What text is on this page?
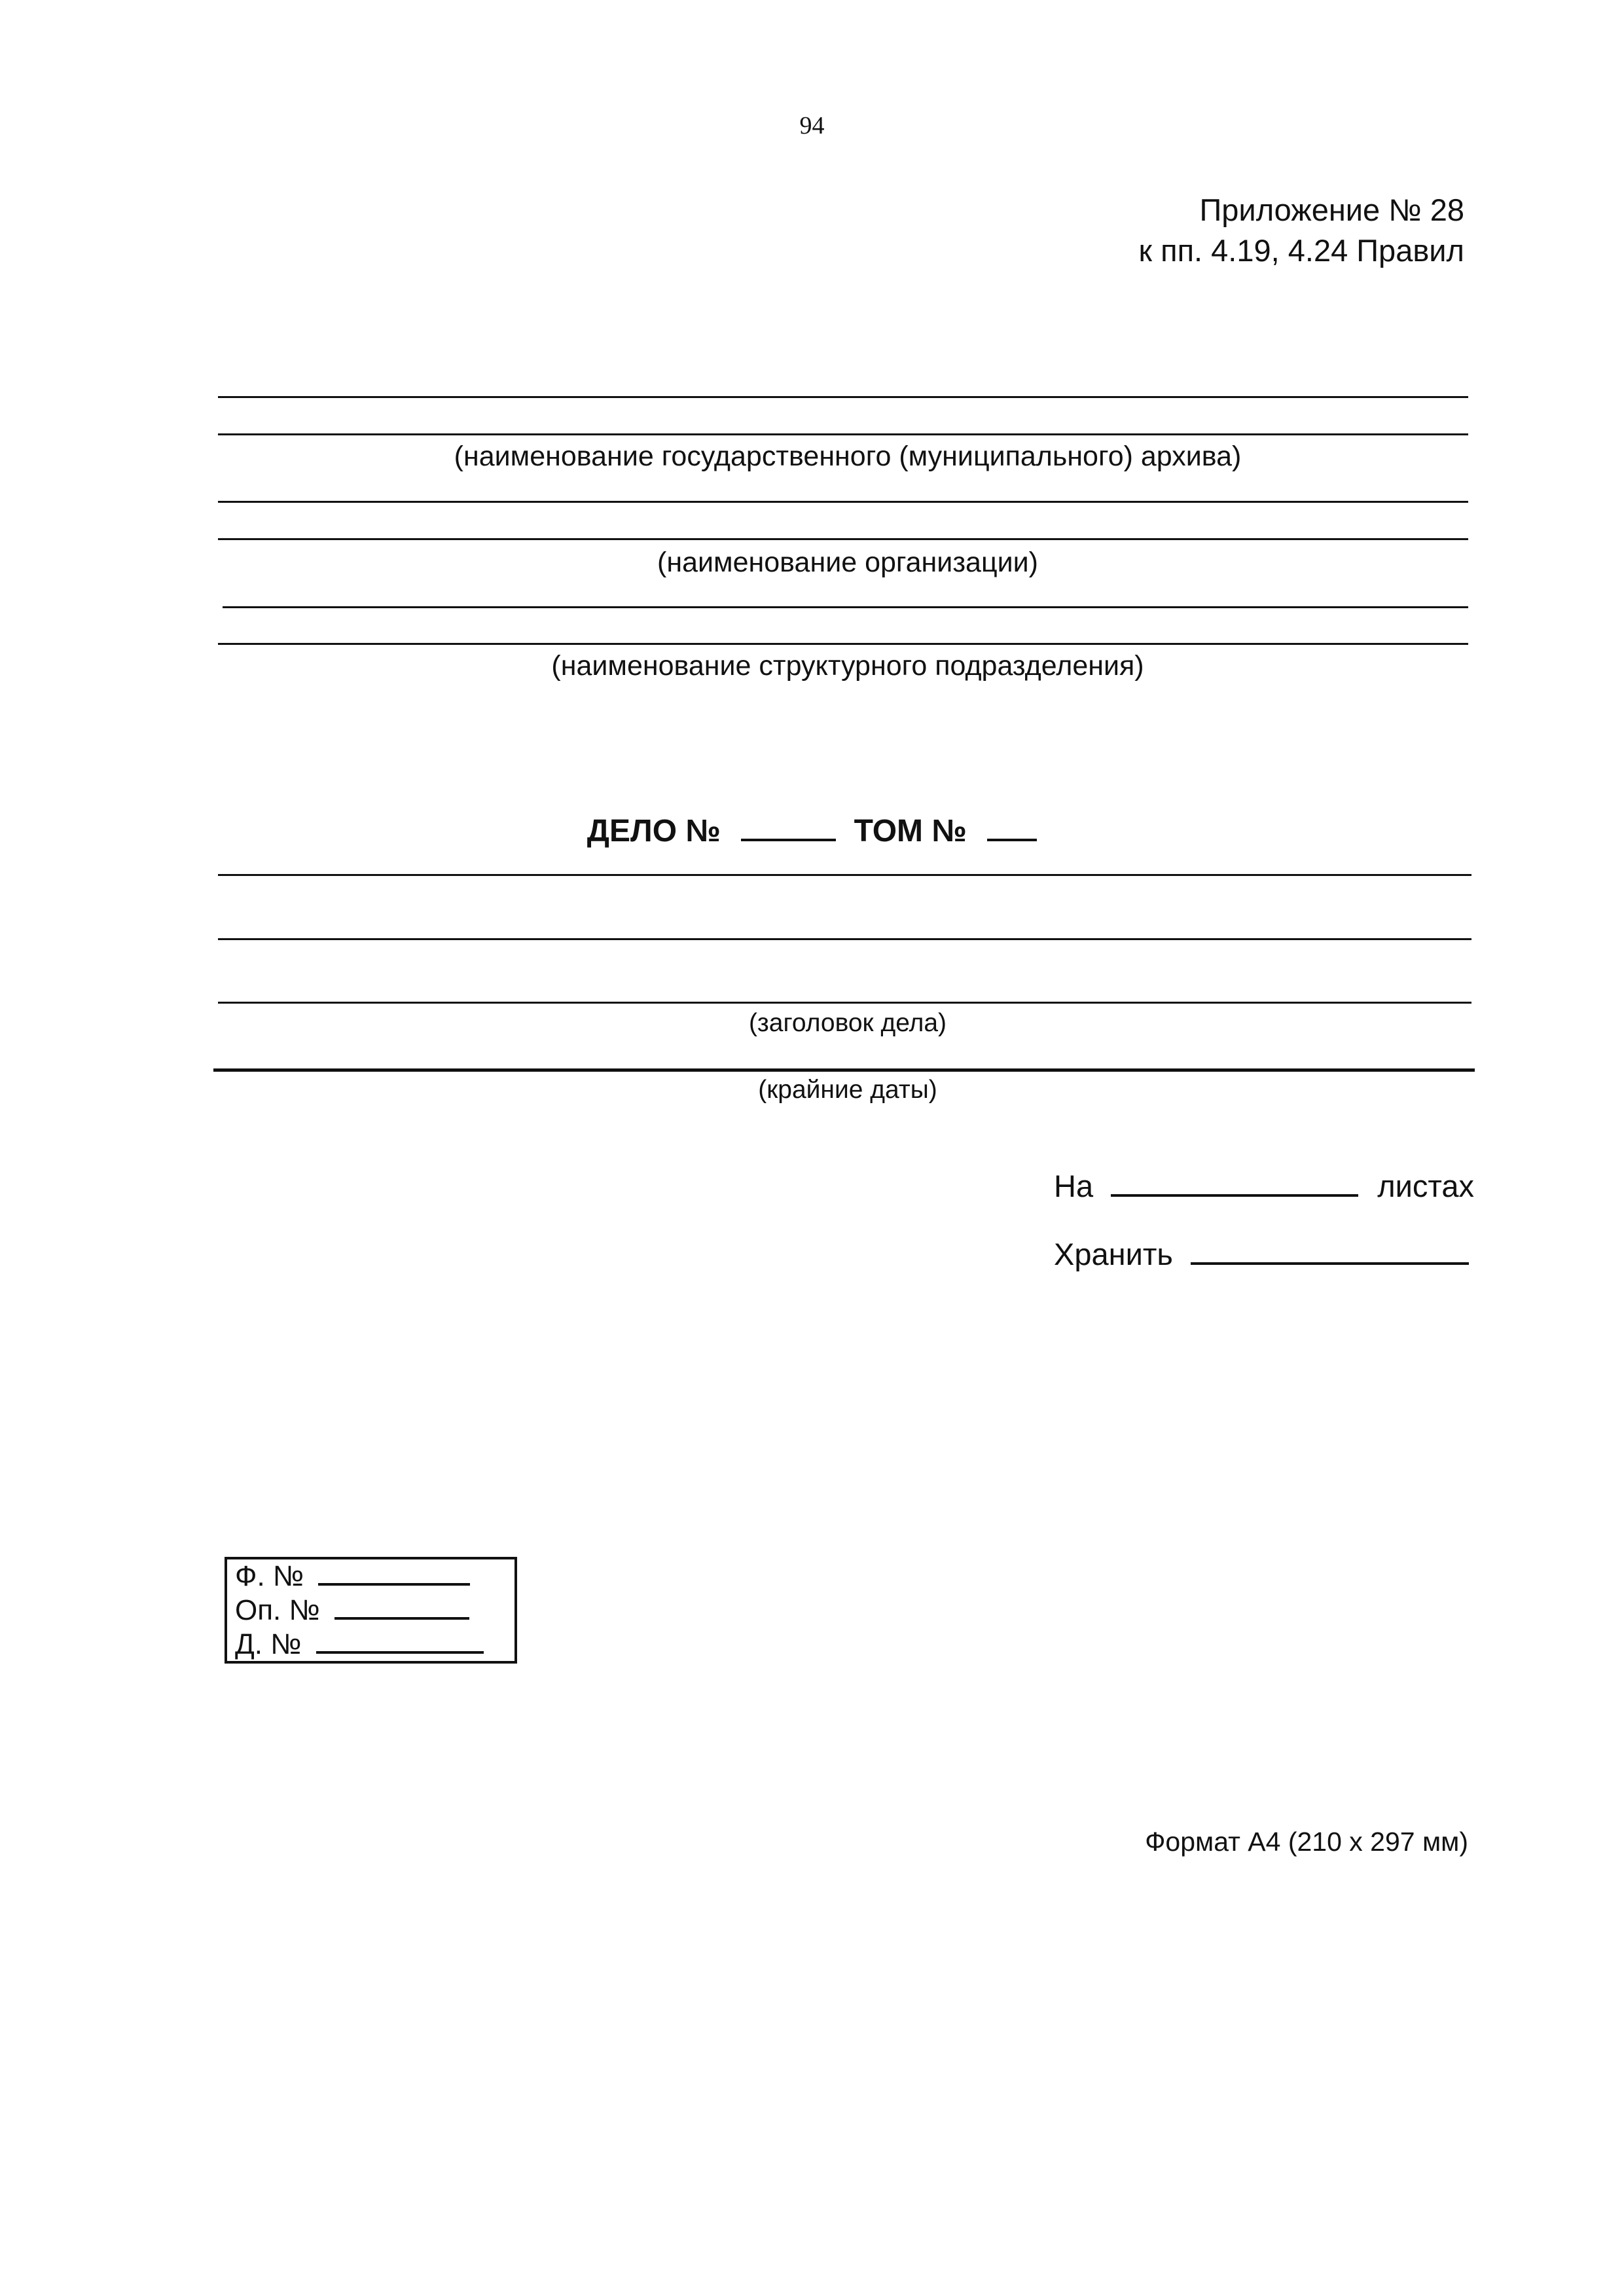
94
Приложение № 28
к пп. 4.19, 4.24 Правил
(наименование государственного (муниципального) архива)
(наименование организации)
(наименование структурного подразделения)
ДЕЛО №	ТОМ №
(заголовок дела)
(крайние даты)
На	листах
Хранить
Ф. №
Оп. №
Д. №
Формат А4 (210 х 297 мм)
